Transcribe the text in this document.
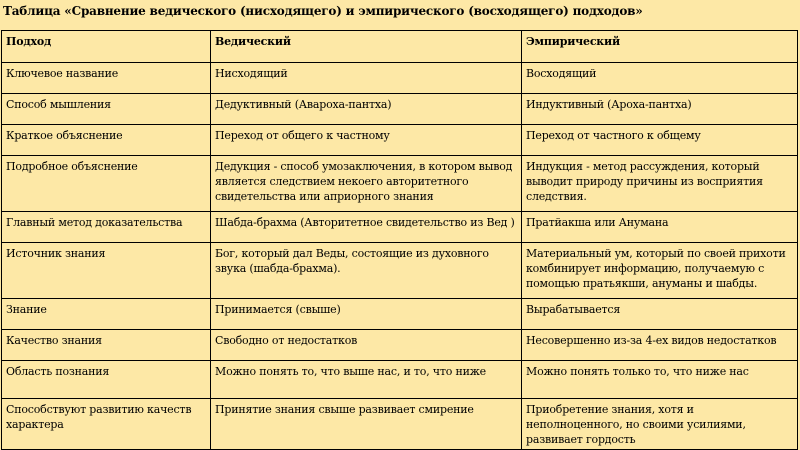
Таблица «Сравнение ведического (нисходящего) и эмпирического (восходящего) подходов»
Подход	Ведический	Эмпирический
Ключевое название	Нисходящий	Восходящий
Способ мышления	Дедуктивный (Авароха-пантха)	Индуктивный (Ароха-пантха)
Краткое объяснение	Переход от общего к частному	Переход от частного к общему
Подробное объяснение	Дедукция - способ умозаключения, в котором вывод является следствием некоего авторитетного свидетельства или априорного знания	Индукция - метод рассуждения, который выводит природу причины из восприятия следствия.
Главный метод доказательства	Шабда-брахма (Авторитетное свидетельство из Вед )	Пратйакша или Анумана
Источник знания	Бог, который дал Веды, состоящие из духовного звука (шабда-брахма).	Материальный ум, который по своей прихоти комбинирует информацию, получаемую с помощью пратьякши, ануманы и шабды.
Знание	Принимается (свыше)	Вырабатывается
Качество знания	Свободно от недостатков	Несовершенно из-за 4-ех видов недостатков
Область познания	Можно понять то, что выше нас, и то, что ниже	Можно понять только то, что ниже нас
Способствуют развитию качеств характера	Принятие знания свыше развивает смирение	Приобретение знания, хотя и неполноценного, но своими усилиями, развивает гордость
